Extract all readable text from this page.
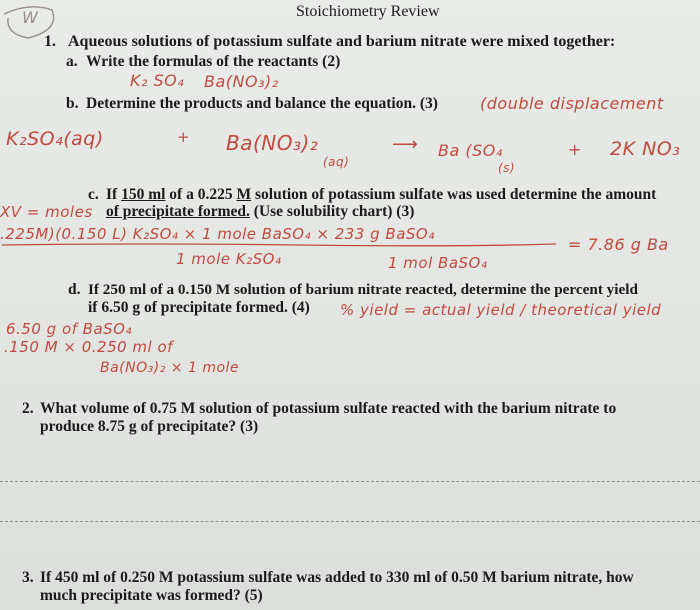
Stoichiometry Review
W
1. Aqueous solutions of potassium sulfate and barium nitrate were mixed together:
a. Write the formulas of the reactants (2)
K₂ SO₄ Ba(NO₃)₂
b. Determine the products and balance the equation. (3)	(double displacement
K₂SO₄(aq)	+ Ba(NO₃)₂
(aq)
⟶ Ba (SO₄
(s)
+ 2K NO₃
c. If 150 ml of a 0.225 M solution of potassium sulfate was used determine the amount
XV = moles of precipitate formed. (Use solubility chart) (3)
.225M)(0.150 L) K₂SO₄ × 1 mole BaSO₄ × 233 g BaSO₄
= 7.86 g Ba
1 mole K₂SO₄	1 mol BaSO₄
d. If 250 ml of a 0.150 M solution of barium nitrate reacted, determine the percent yield
if 6.50 g of precipitate formed. (4) % yield = actual yield / theoretical yield
6.50 g of BaSO₄
.150 M × 0.250 ml of
Ba(NO₃)₂ × 1 mole
2. What volume of 0.75 M solution of potassium sulfate reacted with the barium nitrate to
produce 8.75 g of precipitate? (3)
3. If 450 ml of 0.250 M potassium sulfate was added to 330 ml of 0.50 M barium nitrate, how
much precipitate was formed? (5)
